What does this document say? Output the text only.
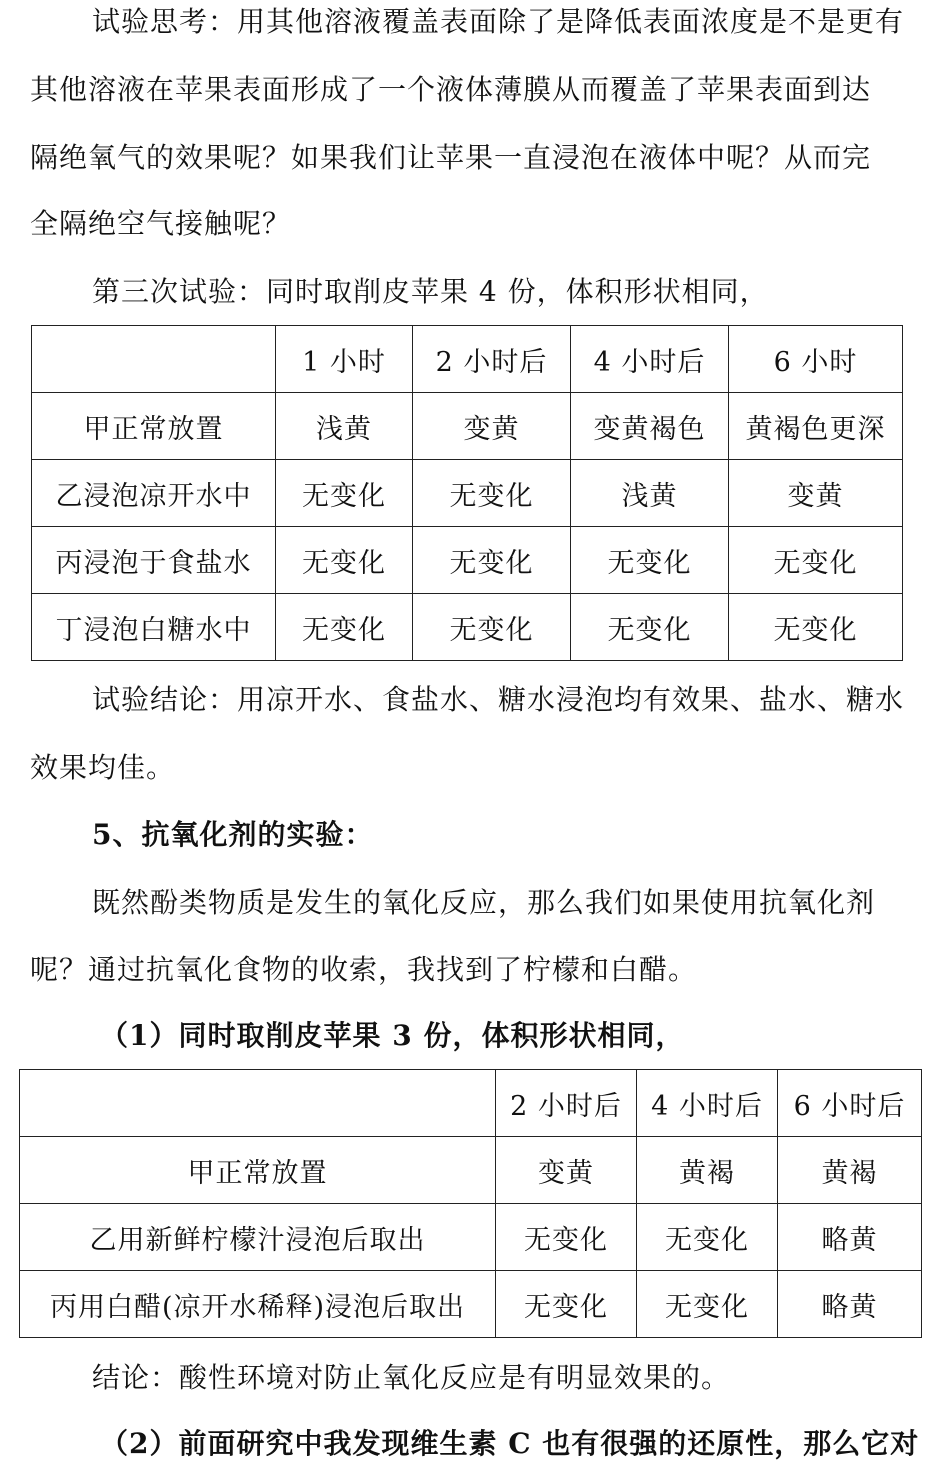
试验思考：用其他溶液覆盖表面除了是降低表面浓度是不是更有
其他溶液在苹果表面形成了一个液体薄膜从而覆盖了苹果表面到达
隔绝氧气的效果呢？如果我们让苹果一直浸泡在液体中呢？从而完
全隔绝空气接触呢？
第三次试验：同时取削皮苹果 4 份，体积形状相同，
	1 小时	2 小时后	4 小时后	6 小时
甲正常放置	浅黄	变黄	变黄褐色	黄褐色更深
乙浸泡凉开水中	无变化	无变化	浅黄	变黄
丙浸泡于食盐水	无变化	无变化	无变化	无变化
丁浸泡白糖水中	无变化	无变化	无变化	无变化
试验结论：用凉开水、食盐水、糖水浸泡均有效果、盐水、糖水
效果均佳。
5、抗氧化剂的实验：
既然酚类物质是发生的氧化反应，那么我们如果使用抗氧化剂
呢？通过抗氧化食物的收索，我找到了柠檬和白醋。
（1）同时取削皮苹果 3 份，体积形状相同，
	2 小时后	4 小时后	6 小时后
甲正常放置	变黄	黄褐	黄褐
乙用新鲜柠檬汁浸泡后取出	无变化	无变化	略黄
丙用白醋(凉开水稀释)浸泡后取出	无变化	无变化	略黄
结论：酸性环境对防止氧化反应是有明显效果的。
（2）前面研究中我发现维生素 C 也有很强的还原性，那么它对
